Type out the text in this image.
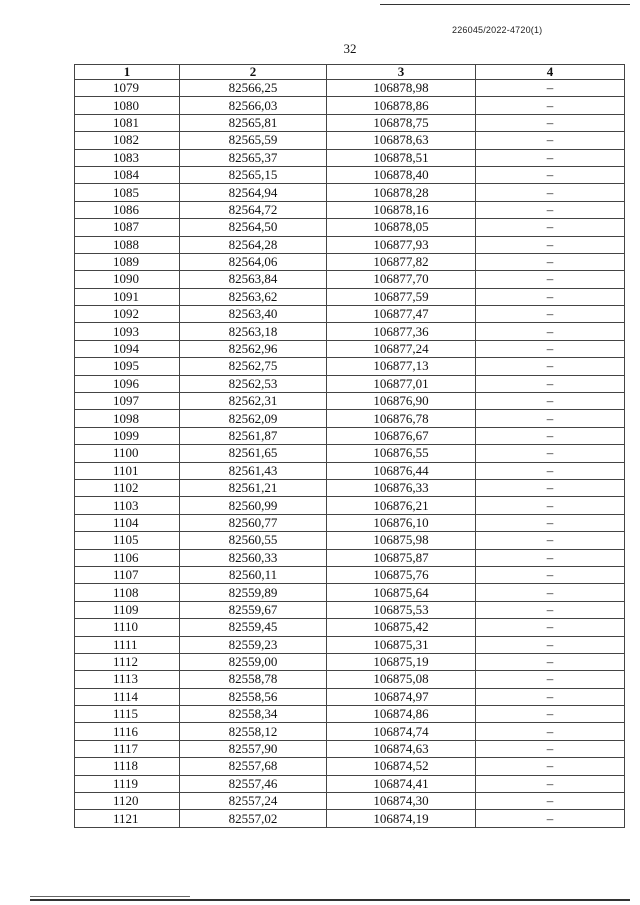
226045/2022-4720(1)
32
1	2	3	4
1079	82566,25	106878,98	–
1080	82566,03	106878,86	–
1081	82565,81	106878,75	–
1082	82565,59	106878,63	–
1083	82565,37	106878,51	–
1084	82565,15	106878,40	–
1085	82564,94	106878,28	–
1086	82564,72	106878,16	–
1087	82564,50	106878,05	–
1088	82564,28	106877,93	–
1089	82564,06	106877,82	–
1090	82563,84	106877,70	–
1091	82563,62	106877,59	–
1092	82563,40	106877,47	–
1093	82563,18	106877,36	–
1094	82562,96	106877,24	–
1095	82562,75	106877,13	–
1096	82562,53	106877,01	–
1097	82562,31	106876,90	–
1098	82562,09	106876,78	–
1099	82561,87	106876,67	–
1100	82561,65	106876,55	–
1101	82561,43	106876,44	–
1102	82561,21	106876,33	–
1103	82560,99	106876,21	–
1104	82560,77	106876,10	–
1105	82560,55	106875,98	–
1106	82560,33	106875,87	–
1107	82560,11	106875,76	–
1108	82559,89	106875,64	–
1109	82559,67	106875,53	–
1110	82559,45	106875,42	–
1111	82559,23	106875,31	–
1112	82559,00	106875,19	–
1113	82558,78	106875,08	–
1114	82558,56	106874,97	–
1115	82558,34	106874,86	–
1116	82558,12	106874,74	–
1117	82557,90	106874,63	–
1118	82557,68	106874,52	–
1119	82557,46	106874,41	–
1120	82557,24	106874,30	–
1121	82557,02	106874,19	–
